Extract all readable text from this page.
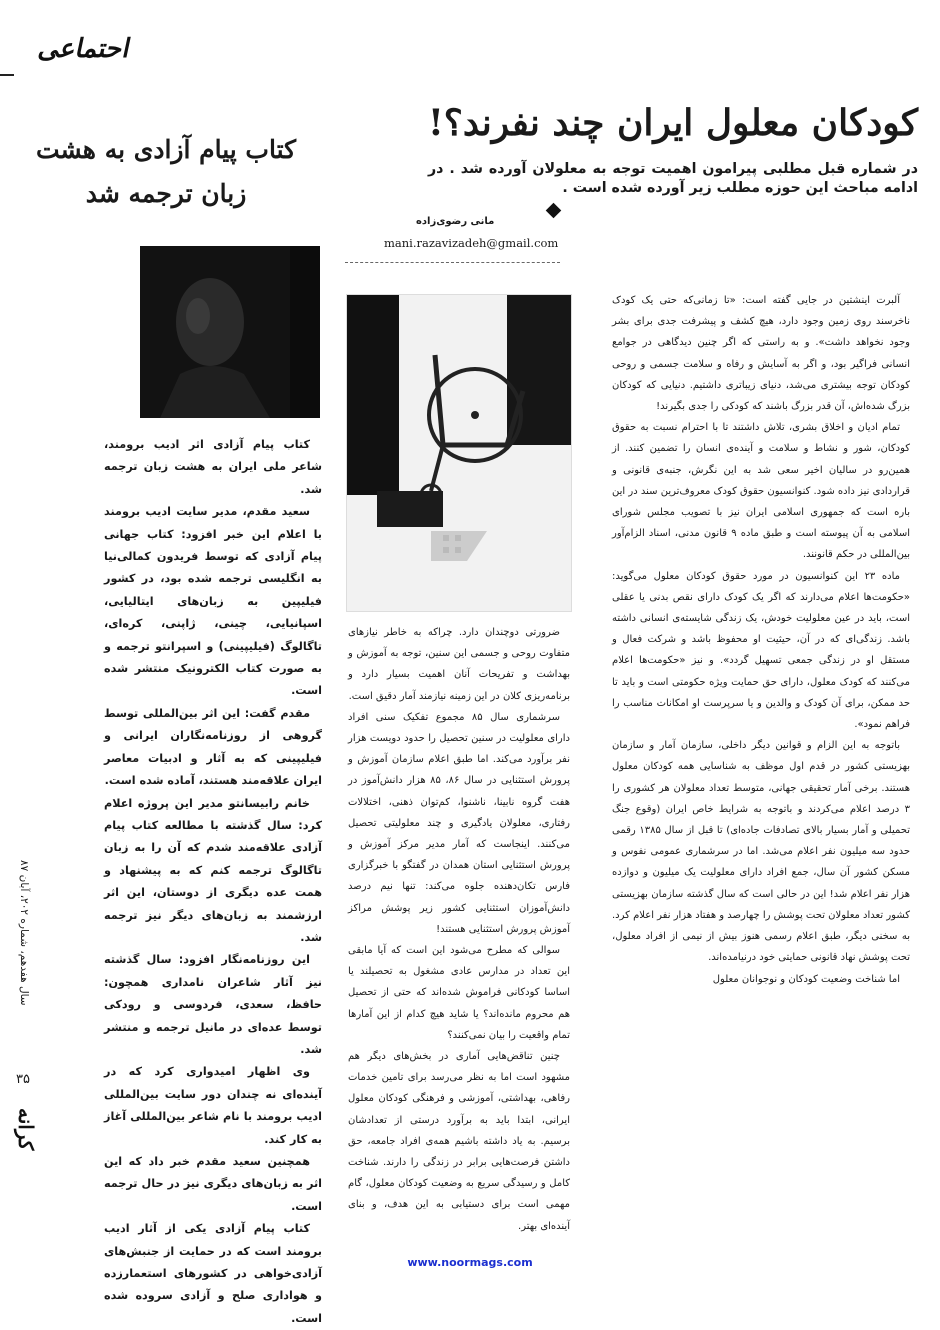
احتماعی
کودکان معلول ایران چند نفرند؟!
در شماره قبل مطلبی پیرامون اهمیت توجه به معلولان آورده شد . در ادامه مباحث این حوزه مطلب زیر آورده شده است .
مانی رضوی‌زاده
mani.razavizadeh@gmail.com
کتاب پیام آزادی به هشت
زبان ترجمه شد

کتاب پیام آزادی اثر ادیب برومند، شاعر ملی ایران به هشت زبان ترجمه شد.

سعید مقدم، مدیر سایت ادیب برومند با اعلام این خبر افزود: کتاب جهانی پیام آزادی که توسط فریدون کمالی‌نیا به انگلیسی ترجمه شده بود، در کشور فیلیپین به زبان‌های ایتالیایی، اسپانیایی، چینی، ژاپنی، کره‌ای، تاگالوگ (فیلیپینی) و اسپرانتو ترجمه و به صورت کتاب الکترونیک منتشر شده است.

مقدم گفت: این اثر بین‌المللی توسط گروهی از روزنامه‌نگاران ایرانی و فیلیپینی که به آثار و ادبیات معاصر ایران علاقه‌مند هستند، آماده شده است.

خانم رابیسانتو مدیر این پروژه اعلام کرد: سال گذشته با مطالعه کتاب پیام آزادی علاقه‌مند شدم که آن را به زبان تاگالوگ ترجمه کنم که به پیشنهاد و همت عده دیگری از دوستان، این اثر ارزشمند به زبان‌های دیگر نیز ترجمه شد.

این روزنامه‌نگار افزود: سال گذشته نیز آثار شاعران نامداری همچون: حافظ، سعدی، فردوسی و رودکی توسط عده‌ای در مانیل ترجمه و منتشر شد.

وی اظهار امیدواری کرد که در آینده‌ای نه چندان دور سایت بین‌المللی ادیب برومند با نام شاعر بین‌المللی آغاز به کار کند.

همچنین سعید مقدم خبر داد که این اثر به زبان‌های دیگری نیز در حال ترجمه است.

کتاب پیام آزادی یکی از آثار ادیب برومند است که در حمایت از جنبش‌های آزادی‌خواهی در کشورهای استعمارزده و هواداری صلح و آزادی سروده شده است.

ضرورتی دوچندان دارد. چراکه به خاطر نیازهای متفاوت روحی و جسمی این سنین، توجه به آموزش و بهداشت و تفریحات آنان اهمیت بسیار دارد و برنامه‌ریزی کلان در این زمینه نیازمند آمار دقیق است.

سرشماری سال ۸۵ مجموع تفکیک سنی افراد دارای معلولیت در سنین تحصیل را حدود دویست هزار نفر برآورد می‌کند. اما طبق اعلام سازمان آموزش و پرورش استثنایی در سال ۸۶، ۸۵ هزار دانش‌آموز در هفت گروه نابینا، ناشنوا، کم‌توان ذهنی، اختلالات رفتاری، معلولان یادگیری و چند معلولیتی تحصیل می‌کنند. اینجاست که آمار مدیر مرکز آموزش و پرورش استثنایی استان همدان در گفتگو با خبرگزاری فارس تکان‌دهنده جلوه می‌کند: تنها نیم درصد دانش‌آموزان استثنایی کشور زیر پوشش مراکز آموزش پرورش استثنایی هستند!

سوالی که مطرح می‌شود این است که آیا مابقی این تعداد در مدارس عادی مشغول به تحصیلند یا اساسا کودکانی فراموش شده‌اند که حتی از تحصیل هم محروم مانده‌اند؟ یا شاید هیچ کدام از این آمارها تمام واقعیت را بیان نمی‌کنند؟

چنین تناقض‌هایی آماری در بخش‌های دیگر هم مشهود است اما به نظر می‌رسد برای تامین خدمات رفاهی، بهداشتی، آموزشی و فرهنگی کودکان معلول ایرانی، ابتدا باید به برآورد درستی از تعدادشان برسیم. به یاد داشته باشیم همه‌ی افراد جامعه، حق داشتن فرصت‌هایی برابر در زندگی را دارند. شناخت کامل و رسیدگی سریع به وضعیت کودکان معلول، گام مهمی است برای دستیابی به این هدف، و بنای آینده‌ای بهتر.

آلبرت اینشتین در جایی گفته است: «تا زمانی‌که حتی یک کودک ناخرسند روی زمین وجود دارد، هیچ کشف و پیشرفت جدی برای بشر وجود نخواهد داشت». و به راستی که اگر چنین دیدگاهی در جوامع انسانی فراگیر بود، و اگر به آسایش و رفاه و سلامت جسمی و روحی کودکان توجه بیشتری می‌شد، دنیای زیباتری داشتیم. دنیایی که کودکان بزرگ شده‌اش، آن قدر بزرگ باشند که کودکی را جدی بگیرند!

تمام ادیان و اخلاق بشری، تلاش داشتند تا با احترام نسبت به حقوق کودکان، شور و نشاط و سلامت و آینده‌ی انسان را تضمین کنند. از همین‌رو در سالیان اخیر سعی شد به این نگرش، جنبه‌ی قانونی و قراردادی نیز داده شود. کنوانسیون حقوق کودک معروف‌ترین سند در این باره است که جمهوری اسلامی ایران نیز با تصویب مجلس شورای اسلامی به آن پیوسته است و طبق ماده ۹ قانون مدنی، اسناد الزام‌آور بین‌المللی در حکم قانونند.

ماده ۲۳ این کنوانسیون در مورد حقوق کودکان معلول می‌گوید: «حکومت‌ها اعلام می‌دارند که اگر یک کودک دارای نقص بدنی یا عقلی است، باید در عین معلولیت خودش، یک زندگی شایسته‌ی انسانی داشته باشد. زندگی‌ای که در آن، حیثیت او محفوظ باشد و شرکت فعال و مستقل او در زندگی جمعی تسهیل گردد». و نیز «حکومت‌ها اعلام می‌کنند که کودک معلول، دارای حق حمایت ویژه حکومتی است و باید تا حد ممکن، برای آن کودک و والدین و یا سرپرست او امکانات مناسب را فراهم نمود».

باتوجه به این الزام و قوانین دیگر داخلی، سازمان آمار و سازمان بهزیستی کشور در قدم اول موظف به شناسایی همه کودکان معلول هستند. برخی آمار تحقیقی جهانی، متوسط تعداد معلولان هر کشوری را ۳ درصد اعلام می‌کردند و باتوجه به شرایط خاص ایران (وقوع جنگ تحمیلی و آمار بسیار بالای تصادفات جاده‌ای) تا قبل از سال ۱۳۸۵ رقمی حدود سه میلیون نفر اعلام می‌شد. اما در سرشماری عمومی نفوس و مسکن کشور آن سال، جمع افراد دارای معلولیت یک میلیون و دوازده هزار نفر اعلام شد! این در حالی است که سال گذشته سازمان بهزیستی کشور تعداد معلولان تحت پوشش را چهارصد و هفتاد هزار نفر اعلام کرد. به سخنی دیگر، طبق اعلام رسمی هنوز بیش از نیمی از افراد معلول، تحت پوشش نهاد قانونی حمایتی خود درنیامده‌اند.

اما شناخت وضعیت کودکان و نوجوانان معلول

سال هفدهم، شماره ۲۰۲، آبان ۸۷
۳۵
کرانه
www.noormags.com
